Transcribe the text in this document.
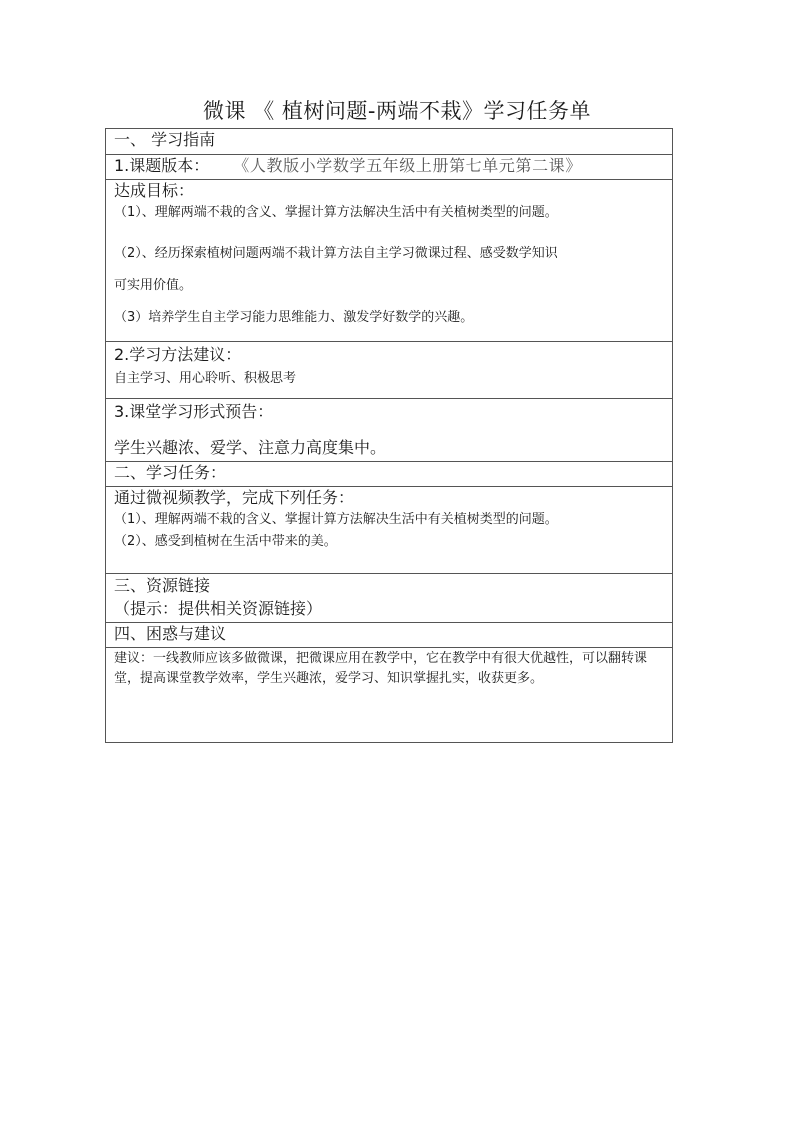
微课 《 植树问题-两端不栽》学习任务单
一、 学习指南
1.课题版本： 《人教版小学数学五年级上册第七单元第二课》
达成目标：
（1）、理解两端不栽的含义、掌握计算方法解决生活中有关植树类型的问题。
（2）、经历探索植树问题两端不栽计算方法自主学习微课过程、感受数学知识
可实用价值。
（3）培养学生自主学习能力思维能力、激发学好数学的兴趣。
2.学习方法建议：
自主学习、用心聆听、积极思考
3.课堂学习形式预告：
学生兴趣浓、爱学、注意力高度集中。
二、学习任务：
通过微视频教学，完成下列任务：
（1）、理解两端不栽的含义、掌握计算方法解决生活中有关植树类型的问题。
（2）、感受到植树在生活中带来的美。
三、资源链接
（提示：提供相关资源链接）
四、困惑与建议
建议：一线教师应该多做微课，把微课应用在教学中，它在教学中有很大优越性，可以翻转课堂，提高课堂教学效率，学生兴趣浓，爱学习、知识掌握扎实，收获更多。
